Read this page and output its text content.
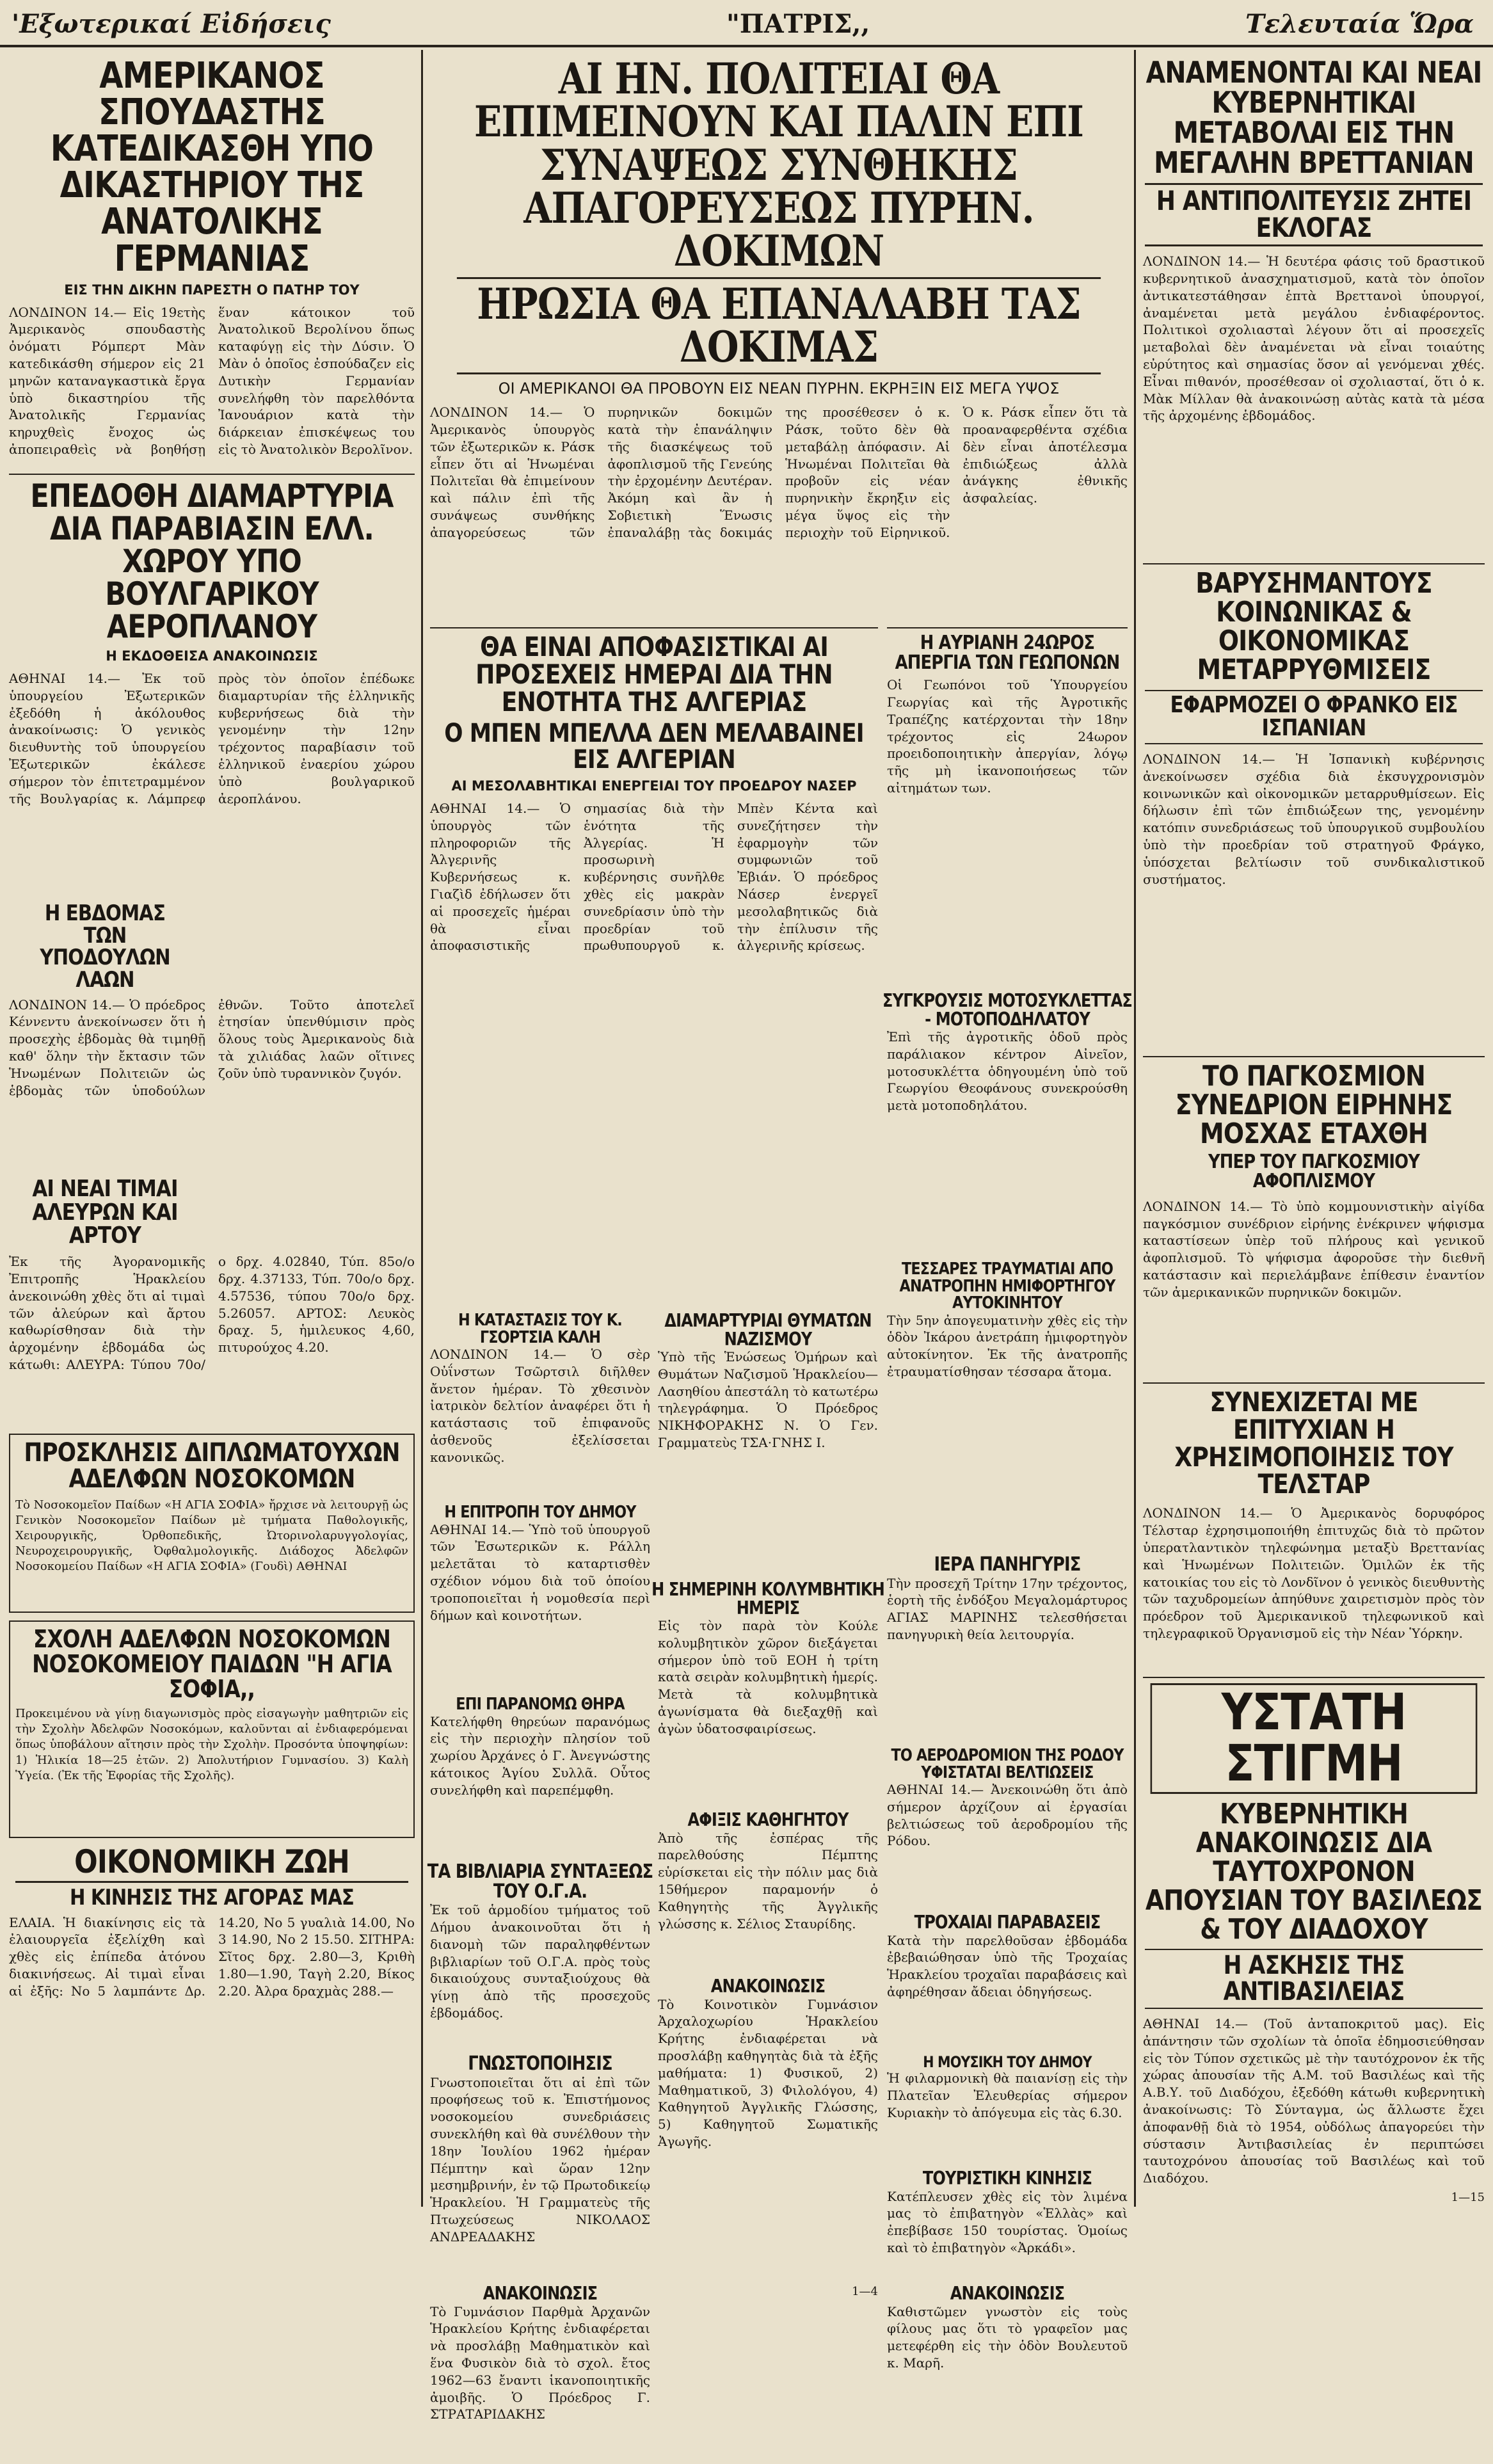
'Εξωτερικαί Εἰδήσεις	"ΠΑΤΡΙΣ,,	Τελευταία Ὥρα
ΑΜΕΡΙΚΑΝΟΣ ΣΠΟΥΔΑΣΤΗΣ ΚΑΤΕΔΙΚΑΣΘΗ ΥΠΟ ΔΙΚΑΣΤΗΡΙΟΥ ΤΗΣ ΑΝΑΤΟΛΙΚΗΣ ΓΕΡΜΑΝΙΑΣ
ΕΙΣ ΤΗΝ ΔΙΚΗΝ ΠΑΡΕΣΤΗ Ο ΠΑΤΗΡ ΤΟΥ
ΛΟΝΔΙΝΟΝ 14.— Εἰς 19ετὴς Ἀμερικανὸς σπουδαστὴς ὀνόματι Ρόμπερτ Μὰν κατεδικάσθη σήμερον εἰς 21 μηνῶν καταναγκαστικὰ ἔργα ὑπὸ δικαστηρίου τῆς Ἀνατολικῆς Γερμανίας κηρυχθεὶς ἔνοχος ὡς ἀποπειραθεὶς νὰ βοηθήσῃ ἕναν κάτοικον τοῦ Ἀνατολικοῦ Βερολίνου ὅπως καταφύγῃ εἰς τὴν Δύσιν. Ὁ Μὰν ὁ ὁποῖος ἐσπούδαζεν εἰς Δυτικὴν Γερμανίαν συνελήφθη τὸν παρελθόντα Ἰανουάριον κατὰ τὴν διάρκειαν ἐπισκέψεως του εἰς τὸ Ἀνατολικὸν Βερολῖνον.
ΕΠΕΔΟΘΗ ΔΙΑΜΑΡΤΥΡΙΑ ΔΙΑ ΠΑΡΑΒΙΑΣΙΝ ΕΛΛ. ΧΩΡΟΥ ΥΠΟ ΒΟΥΛΓΑΡΙΚΟΥ ΑΕΡΟΠΛΑΝΟΥ
Η ΕΚΔΟΘΕΙΣΑ ΑΝΑΚΟΙΝΩΣΙΣ
ΑΘΗΝΑΙ 14.— Ἐκ τοῦ ὑπουργείου Ἐξωτερικῶν ἐξεδόθη ἡ ἀκόλουθος ἀνακοίνωσις: Ὁ γενικὸς διευθυντὴς τοῦ ὑπουργείου Ἐξωτερικῶν ἐκάλεσε σήμερον τὸν ἐπιτετραμμένον τῆς Βουλγαρίας κ. Λάμπρεφ πρὸς τὸν ὁποῖον ἐπέδωκε διαμαρτυρίαν τῆς ἑλληνικῆς κυβερνήσεως διὰ τὴν γενομένην τὴν 12ην τρέχοντος παραβίασιν τοῦ ἑλληνικοῦ ἐναερίου χώρου ὑπὸ βουλγαρικοῦ ἀεροπλάνου.
Η ΕΒΔΟΜΑΣ ΤΩΝ ΥΠΟΔΟΥΛΩΝ ΛΑΩΝ
ΛΟΝΔΙΝΟΝ 14.— Ὁ πρόεδρος Κέννεντυ ἀνεκοίνωσεν ὅτι ἡ προσεχὴς ἑβδομὰς θὰ τιμηθῇ καθ' ὅλην τὴν ἔκτασιν τῶν Ἡνωμένων Πολιτειῶν ὡς ἑβδομὰς τῶν ὑποδούλων ἐθνῶν. Τοῦτο ἀποτελεῖ ἐτησίαν ὑπενθύμισιν πρὸς ὅλους τοὺς Ἀμερικανοὺς διὰ τὰ χιλιάδας λαῶν οἵτινες ζοῦν ὑπὸ τυραννικὸν ζυγόν.
ΑΙ ΝΕΑΙ ΤΙΜΑΙ ΑΛΕΥΡΩΝ ΚΑΙ ΑΡΤΟΥ
Ἐκ τῆς Ἀγορανομικῆς Ἐπιτροπῆς Ἡρακλείου ἀνεκοινώθη χθὲς ὅτι αἱ τιμαὶ τῶν ἀλεύρων καὶ ἄρτου καθωρίσθησαν διὰ τὴν ἀρχομένην ἑβδομάδα ὡς κάτωθι: ΑΛΕΥΡΑ: Τύπου 70ο/ο δρχ. 4.02840, Τύπ. 85ο/ο δρχ. 4.37133, Τύπ. 70ο/ο δρχ. 4.57536, τύπου 70ο/ο δρχ. 5.26057. ΑΡΤΟΣ: Λευκὸς δραχ. 5, ἡμιλευκος 4,60, πιτυρούχος 4.20.
ΠΡΟΣΚΛΗΣΙΣ ΔΙΠΛΩΜΑΤΟΥΧΩΝ ΑΔΕΛΦΩΝ ΝΟΣΟΚΟΜΩΝ
Τὸ Νοσοκομεῖον Παίδων «Η ΑΓΙΑ ΣΟΦΙΑ» ἤρχισε νὰ λειτουργῇ ὡς Γενικὸν Νοσοκομεῖον Παίδων μὲ τμήματα Παθολογικῆς, Χειρουργικῆς, Ὀρθοπεδικῆς, Ὠτορινολαρυγγολογίας, Νευροχειρουργικῆς, Ὀφθαλμολογικῆς. Διάδοχος Ἀδελφῶν Νοσοκομείου Παίδων «Η ΑΓΙΑ ΣΟΦΙΑ» (Γουδὶ) ΑΘΗΝΑΙ
ΣΧΟΛΗ ΑΔΕΛΦΩΝ ΝΟΣΟΚΟΜΩΝ ΝΟΣΟΚΟΜΕΙΟΥ ΠΑΙΔΩΝ "Η ΑΓΙΑ ΣΟΦΙΑ,,
Προκειμένου νὰ γίνῃ διαγωνισμὸς πρὸς εἰσαγωγὴν μαθητριῶν εἰς τὴν Σχολὴν Ἀδελφῶν Νοσοκόμων, καλοῦνται αἱ ἐνδιαφερόμεναι ὅπως ὑποβάλουν αἴτησιν πρὸς τὴν Σχολὴν. Προσόντα ὑποψηφίων: 1) Ἡλικία 18—25 ἐτῶν. 2) Ἀπολυτήριον Γυμνασίου. 3) Καλὴ Ὑγεία. (Ἐκ τῆς Ἐφορίας τῆς Σχολῆς).
ΟΙΚΟΝΟΜΙΚΗ ΖΩΗ
Η ΚΙΝΗΣΙΣ ΤΗΣ ΑΓΟΡΑΣ ΜΑΣ
ΕΛΑΙΑ. Ἡ διακίνησις εἰς τὰ ἐλαιουργεῖα ἐξελίχθη καὶ χθὲς εἰς ἐπίπεδα ἀτόνου διακινήσεως. Αἱ τιμαὶ εἶναι αἱ ἐξῆς: No 5 λαμπάντε Δρ. 14.20, No 5 γυαλιὰ 14.00, No 3 14.90, No 2 15.50. ΣΙΤΗΡΑ: Σῖτος δρχ. 2.80—3, Κριθὴ 1.80—1.90, Ταγὴ 2.20, Βίκος 2.20. Ἀλρα δραχμὰς 288.—
ΑΙ ΗΝ. ΠΟΛΙΤΕΙΑΙ ΘΑ ΕΠΙΜΕΙΝΟΥΝ ΚΑΙ ΠΑΛΙΝ ΕΠΙ ΣΥΝΑΨΕΩΣ ΣΥΝΘΗΚΗΣ ΑΠΑΓΟΡΕΥΣΕΩΣ ΠΥΡΗΝ. ΔΟΚΙΜΩΝ
ΗΡΩΣΙΑ ΘΑ ΕΠΑΝΑΛΑΒΗ ΤΑΣ ΔΟΚΙΜΑΣ
ΟΙ ΑΜΕΡΙΚΑΝΟΙ ΘΑ ΠΡΟΒΟΥΝ ΕΙΣ ΝΕΑΝ ΠΥΡΗΝ. ΕΚΡΗΞΙΝ ΕΙΣ ΜΕΓΑ ΥΨΟΣ
ΛΟΝΔΙΝΟΝ 14.— Ὁ Ἀμερικανὸς ὑπουργὸς τῶν ἐξωτερικῶν κ. Ράσκ εἶπεν ὅτι αἱ Ἡνωμέναι Πολιτεῖαι θὰ ἐπιμείνουν καὶ πάλιν ἐπὶ τῆς συνάψεως συνθήκης ἀπαγορεύσεως τῶν πυρηνικῶν δοκιμῶν κατὰ τὴν ἐπανάληψιν τῆς διασκέψεως τοῦ ἀφοπλισμοῦ τῆς Γενεύης τὴν ἐρχομένην Δευτέραν. Ἀκόμη καὶ ἂν ἡ Σοβιετικὴ Ἕνωσις ἐπαναλάβῃ τὰς δοκιμάς της προσέθεσεν ὁ κ. Ράσκ, τοῦτο δὲν θὰ μεταβάλῃ ἀπόφασιν. Αἱ Ἡνωμέναι Πολιτεῖαι θὰ προβοῦν εἰς νέαν πυρηνικὴν ἔκρηξιν εἰς μέγα ὕψος εἰς τὴν περιοχὴν τοῦ Εἰρηνικοῦ. Ὁ κ. Ράσκ εἶπεν ὅτι τὰ προαναφερθέντα σχέδια δὲν εἶναι ἀποτέλεσμα ἐπιδιώξεως ἀλλὰ ἀνάγκης ἐθνικῆς ἀσφαλείας.
ΘΑ ΕΙΝΑΙ ΑΠΟΦΑΣΙΣΤΙΚΑΙ ΑΙ ΠΡΟΣΕΧΕΙΣ ΗΜΕΡΑΙ ΔΙΑ ΤΗΝ ΕΝΟΤΗΤΑ ΤΗΣ ΑΛΓΕΡΙΑΣ
Ο ΜΠΕΝ ΜΠΕΛΛΑ ΔΕΝ ΜΕΛΑΒΑΙΝΕΙ ΕΙΣ ΑΛΓΕΡΙΑΝ
ΑΙ ΜΕΣΟΛΑΒΗΤΙΚΑΙ ΕΝΕΡΓΕΙΑΙ ΤΟΥ ΠΡΟΕΔΡΟΥ ΝΑΣΕΡ
ΑΘΗΝΑΙ 14.— Ὁ ὑπουργὸς τῶν πληροφοριῶν τῆς Ἀλγερινῆς Κυβερνήσεως κ. Γιαζὶδ ἐδήλωσεν ὅτι αἱ προσεχεῖς ἡμέραι θὰ εἶναι ἀποφασιστικῆς σημασίας διὰ τὴν ἑνότητα τῆς Ἀλγερίας. Ἡ προσωρινὴ κυβέρνησις συνῆλθε χθὲς εἰς μακρὰν συνεδρίασιν ὑπὸ τὴν προεδρίαν τοῦ πρωθυπουργοῦ κ. Μπὲν Κέντα καὶ συνεζήτησεν τὴν ἐφαρμογὴν τῶν συμφωνιῶν τοῦ Ἐβιάν. Ὁ πρόεδρος Νάσερ ἐνεργεῖ μεσολαβητικῶς διὰ τὴν ἐπίλυσιν τῆς ἀλγερινῆς κρίσεως.
Η ΚΑΤΑΣΤΑΣΙΣ ΤΟΥ Κ. ΓΣΟΡΤΣΙΑ ΚΑΛΗ
ΛΟΝΔΙΝΟΝ 14.— Ὁ σὲρ Οὐΐνστων Τσῶρτσιλ διῆλθεν ἄνετον ἡμέραν. Τὸ χθεσινὸν ἰατρικὸν δελτίον ἀναφέρει ὅτι ἡ κατάστασις τοῦ ἐπιφανοῦς ἀσθενοῦς ἐξελίσσεται κανονικῶς.
Η ΕΠΙΤΡΟΠΗ ΤΟΥ ΔΗΜΟΥ
ΑΘΗΝΑΙ 14.— Ὑπὸ τοῦ ὑπουργοῦ τῶν Ἐσωτερικῶν κ. Ράλλη μελετᾶται τὸ καταρτισθὲν σχέδιον νόμου διὰ τοῦ ὁποίου τροποποιεῖται ἡ νομοθεσία περὶ δήμων καὶ κοινοτήτων.
ΕΠΙ ΠΑΡΑΝΟΜΩ ΘΗΡΑ
Κατελήφθη θηρεύων παρανόμως εἰς τὴν περιοχὴν πλησίον τοῦ χωρίου Ἀρχάνες ὁ Γ. Ἀνεγνώστης κάτοικος Ἁγίου Συλλᾶ. Οὗτος συνελήφθη καὶ παρεπέμφθη.
ΤΑ ΒΙΒΛΙΑΡΙΑ ΣΥΝΤΑΞΕΩΣ ΤΟΥ Ο.Γ.Α.
Ἐκ τοῦ ἁρμοδίου τμήματος τοῦ Δήμου ἀνακοινοῦται ὅτι ἡ διανομὴ τῶν παραληφθέντων βιβλιαρίων τοῦ Ο.Γ.Α. πρὸς τοὺς δικαιούχους συνταξιούχους θὰ γίνῃ ἀπὸ τῆς προσεχοῦς ἑβδομάδος.
ΓΝΩΣΤΟΠΟΙΗΣΙΣ
Γνωστοποιεῖται ὅτι αἱ ἐπὶ τῶν προφήσεως τοῦ κ. Ἐπιστήμονος νοσοκομείου συνεδριάσεις συνεκλήθη καὶ θὰ συνέλθουν τὴν 18ην Ἰουλίου 1962 ἡμέραν Πέμπτην καὶ ὥραν 12ην μεσημβρινήν, ἐν τῷ Πρωτοδικείῳ Ἡρακλείου. Ἡ Γραμματεὺς τῆς Πτωχεύσεως ΝΙΚΟΛΑΟΣ ΑΝΔΡΕΑΔΑΚΗΣ
ΑΝΑΚΟΙΝΩΣΙΣ
Τὸ Γυμνάσιον Παρθμὰ Ἀρχανῶν Ἡρακλείου Κρήτης ἐνδιαφέρεται νὰ προσλάβῃ Μαθηματικὸν καὶ ἕνα Φυσικὸν διὰ τὸ σχολ. ἔτος 1962—63 ἔναντι ἱκανοποιητικῆς ἀμοιβῆς. Ὁ Πρόεδρος Γ. ΣΤΡΑΤΑΡΙΔΑΚΗΣ
ΔΙΑΜΑΡΤΥΡΙΑΙ ΘΥΜΑΤΩΝ ΝΑΖΙΣΜΟΥ
Ὑπὸ τῆς Ἑνώσεως Ὁμήρων καὶ Θυμάτων Ναζισμοῦ Ἡρακλείου—Λασηθίου ἀπεστάλη τὸ κατωτέρω τηλεγράφημα. Ὁ Πρόεδρος ΝΙΚΗΦΟΡΑΚΗΣ Ν. Ὁ Γεν. Γραμματεὺς ΤΣΑ·ΓΝΗΣ Ι.
Η ΣΗΜΕΡΙΝΗ ΚΟΛΥΜΒΗΤΙΚΗ ΗΜΕΡΙΣ
Εἰς τὸν παρὰ τὸν Κούλε κολυμβητικὸν χῶρον διεξάγεται σήμερον ὑπὸ τοῦ ΕΟΗ ἡ τρίτη κατὰ σειρὰν κολυμβητικὴ ἡμερίς. Μετὰ τὰ κολυμβητικὰ ἀγωνίσματα θὰ διεξαχθῇ καὶ ἀγὼν ὑδατοσφαιρίσεως.
ΑΦΙΞΙΣ ΚΑΘΗΓΗΤΟΥ
Ἀπὸ τῆς ἐσπέρας τῆς παρελθούσης Πέμπτης εὑρίσκεται εἰς τὴν πόλιν μας διὰ 15θήμερον παραμονήν ὁ Καθηγητὴς τῆς Ἀγγλικῆς γλώσσης κ. Σέλιος Σταυρίδης.
ΑΝΑΚΟΙΝΩΣΙΣ
Τὸ Κοινοτικὸν Γυμνάσιον Ἀρχαλοχωρίου Ἡρακλείου Κρήτης ἐνδιαφέρεται νὰ προσλάβῃ καθηγητὰς διὰ τὰ ἐξῆς μαθήματα: 1) Φυσικοῦ, 2) Μαθηματικοῦ, 3) Φιλολόγου, 4) Καθηγητοῦ Ἀγγλικῆς Γλώσσης, 5) Καθηγητοῦ Σωματικῆς Ἀγωγῆς.
1—4
Η ΑΥΡΙΑΝΗ 24ΩΡΟΣ ΑΠΕΡΓΙΑ ΤΩΝ ΓΕΩΠΟΝΩΝ
Οἱ Γεωπόνοι τοῦ Ὑπουργείου Γεωργίας καὶ τῆς Ἀγροτικῆς Τραπέζης κατέρχονται τὴν 18ην τρέχοντος εἰς 24ωρον προειδοποιητικὴν ἀπεργίαν, λόγῳ τῆς μὴ ἱκανοποιήσεως τῶν αἰτημάτων των.
ΣΥΓΚΡΟΥΣΙΣ ΜΟΤΟΣΥΚΛΕΤΤΑΣ - ΜΟΤΟΠΟΔΗΛΑΤΟΥ
Ἐπὶ τῆς ἀγροτικῆς ὁδοῦ πρὸς παράλιακον κέντρον Αἰνεῖον, μοτοσυκλέττα ὁδηγουμένη ὑπὸ τοῦ Γεωργίου Θεοφάνους συνεκρούσθη μετὰ μοτοποδηλάτου.
ΤΕΣΣΑΡΕΣ ΤΡΑΥΜΑΤΙΑΙ ΑΠΟ ΑΝΑΤΡΟΠΗΝ ΗΜΙΦΟΡΤΗΓΟΥ ΑΥΤΟΚΙΝΗΤΟΥ
Τὴν 5ην ἀπογευματινὴν χθὲς εἰς τὴν ὁδὸν Ἰκάρου ἀνετράπη ἡμιφορτηγὸν αὐτοκίνητον. Ἐκ τῆς ἀνατροπῆς ἐτραυματίσθησαν τέσσαρα ἄτομα.
ΙΕΡΑ ΠΑΝΗΓΥΡΙΣ
Τὴν προσεχῆ Τρίτην 17ην τρέχοντος, ἑορτὴ τῆς ἐνδόξου Μεγαλομάρτυρος ΑΓΙΑΣ ΜΑΡΙΝΗΣ τελεσθήσεται πανηγυρικὴ θεία λειτουργία.
ΤΟ ΑΕΡΟΔΡΟΜΙΟΝ ΤΗΣ ΡΟΔΟΥ ΥΦΙΣΤΑΤΑΙ ΒΕΛΤΙΩΣΕΙΣ
ΑΘΗΝΑΙ 14.— Ἀνεκοινώθη ὅτι ἀπὸ σήμερον ἀρχίζουν αἱ ἐργασίαι βελτιώσεως τοῦ ἀεροδρομίου τῆς Ρόδου.
ΤΡΟΧΑΙΑΙ ΠΑΡΑΒΑΣΕΙΣ
Κατὰ τὴν παρελθοῦσαν ἑβδομάδα ἐβεβαιώθησαν ὑπὸ τῆς Τροχαίας Ἡρακλείου τροχαῖαι παραβάσεις καὶ ἀφηρέθησαν ἄδειαι ὁδηγήσεως.
Η ΜΟΥΣΙΚΗ ΤΟΥ ΔΗΜΟΥ
Ἡ φιλαρμονικὴ θὰ παιανίσῃ εἰς τὴν Πλατεῖαν Ἐλευθερίας σήμερον Κυριακὴν τὸ ἀπόγευμα εἰς τὰς 6.30.
ΤΟΥΡΙΣΤΙΚΗ ΚΙΝΗΣΙΣ
Κατέπλευσεν χθὲς εἰς τὸν λιμένα μας τὸ ἐπιβατηγὸν «Ἑλλὰς» καὶ ἐπεβίβασε 150 τουρίστας. Ὁμοίως καὶ τὸ ἐπιβατηγὸν «Ἀρκάδι».
ΑΝΑΚΟΙΝΩΣΙΣ
Καθιστῶμεν γνωστὸν εἰς τοὺς φίλους μας ὅτι τὸ γραφεῖον μας μετεφέρθη εἰς τὴν ὁδὸν Βουλευτοῦ κ. Μαρῆ.
ΑΝΑΜΕΝΟΝΤΑΙ ΚΑΙ ΝΕΑΙ ΚΥΒΕΡΝΗΤΙΚΑΙ ΜΕΤΑΒΟΛΑΙ ΕΙΣ ΤΗΝ ΜΕΓΑΛΗΝ ΒΡΕΤΤΑΝΙΑΝ
Η ΑΝΤΙΠΟΛΙΤΕΥΣΙΣ ΖΗΤΕΙ ΕΚΛΟΓΑΣ
ΛΟΝΔΙΝΟΝ 14.— Ἡ δευτέρα φάσις τοῦ δραστικοῦ κυβερνητικοῦ ἀνασχηματισμοῦ, κατὰ τὸν ὁποῖον ἀντικατεστάθησαν ἑπτὰ Βρεττανοὶ ὑπουργοί, ἀναμένεται μετὰ μεγάλου ἐνδιαφέροντος. Πολιτικοὶ σχολιασταὶ λέγουν ὅτι αἱ προσεχεῖς μεταβολαὶ δὲν ἀναμένεται νὰ εἶναι τοιαύτης εὐρύτητος καὶ σημασίας ὅσον αἱ γενόμεναι χθές. Εἶναι πιθανόν, προσέθεσαν οἱ σχολιασταί, ὅτι ὁ κ. Μὰκ Μίλλαν θὰ ἀνακοινώσῃ αὐτὰς κατὰ τὰ μέσα τῆς ἀρχομένης ἑβδομάδος.
ΒΑΡΥΣΗΜΑΝΤΟΥΣ ΚΟΙΝΩΝΙΚΑΣ & ΟΙΚΟΝΟΜΙΚΑΣ ΜΕΤΑΡΡΥΘΜΙΣΕΙΣ
ΕΦΑΡΜΟΖΕΙ Ο ΦΡΑΝΚΟ ΕΙΣ ΙΣΠΑΝΙΑΝ
ΛΟΝΔΙΝΟΝ 14.— Ἡ Ἰσπανικὴ κυβέρνησις ἀνεκοίνωσεν σχέδια διὰ ἐκσυγχρονισμὸν κοινωνικῶν καὶ οἰκονομικῶν μεταρρυθμίσεων. Εἰς δήλωσιν ἐπὶ τῶν ἐπιδιώξεων της, γενομένην κατόπιν συνεδριάσεως τοῦ ὑπουργικοῦ συμβουλίου ὑπὸ τὴν προεδρίαν τοῦ στρατηγοῦ Φράγκο, ὑπόσχεται βελτίωσιν τοῦ συνδικαλιστικοῦ συστήματος.
ΤΟ ΠΑΓΚΟΣΜΙΟΝ ΣΥΝΕΔΡΙΟΝ ΕΙΡΗΝΗΣ ΜΟΣΧΑΣ ΕΤΑΧΘΗ
ΥΠΕΡ ΤΟΥ ΠΑΓΚΟΣΜΙΟΥ ΑΦΟΠΛΙΣΜΟΥ
ΛΟΝΔΙΝΟΝ 14.— Τὸ ὑπὸ κομμουνιστικὴν αἰγίδα παγκόσμιον συνέδριον εἰρήνης ἐνέκρινεν ψήφισμα καταστίσεων ὑπὲρ τοῦ πλήρους καὶ γενικοῦ ἀφοπλισμοῦ. Τὸ ψήφισμα ἀφοροῦσε τὴν διεθνῆ κατάστασιν καὶ περιελάμβανε ἐπίθεσιν ἐναντίον τῶν ἀμερικανικῶν πυρηνικῶν δοκιμῶν.
ΣΥΝΕΧΙΖΕΤΑΙ ΜΕ ΕΠΙΤΥΧΙΑΝ Η ΧΡΗΣΙΜΟΠΟΙΗΣΙΣ ΤΟΥ ΤΕΛΣΤΑΡ
ΛΟΝΔΙΝΟΝ 14.— Ὁ Ἀμερικανὸς δορυφόρος Τέλσταρ ἐχρησιμοποιήθη ἐπιτυχῶς διὰ τὸ πρῶτον ὑπερατλαντικὸν τηλεφώνημα μεταξὺ Βρεττανίας καὶ Ἡνωμένων Πολιτειῶν. Ὁμιλῶν ἐκ τῆς κατοικίας του εἰς τὸ Λονδῖνον ὁ γενικὸς διευθυντὴς τῶν ταχυδρομείων ἀπηύθυνε χαιρετισμὸν πρὸς τὸν πρόεδρον τοῦ Ἀμερικανικοῦ τηλεφωνικοῦ καὶ τηλεγραφικοῦ Ὀργανισμοῦ εἰς τὴν Νέαν Ὑόρκην.
ΥΣΤΑΤΗ ΣΤΙΓΜΗ
ΚΥΒΕΡΝΗΤΙΚΗ ΑΝΑΚΟΙΝΩΣΙΣ ΔΙΑ ΤΑΥΤΟΧΡΟΝΟΝ ΑΠΟΥΣΙΑΝ ΤΟΥ ΒΑΣΙΛΕΩΣ & ΤΟΥ ΔΙΑΔΟΧΟΥ
Η ΑΣΚΗΣΙΣ ΤΗΣ ΑΝΤΙΒΑΣΙΛΕΙΑΣ
ΑΘΗΝΑΙ 14.— (Τοῦ ἀνταποκριτοῦ μας). Εἰς ἀπάντησιν τῶν σχολίων τὰ ὁποῖα ἐδημοσιεύθησαν εἰς τὸν Τύπον σχετικῶς μὲ τὴν ταυτόχρονον ἐκ τῆς χώρας ἀπουσίαν τῆς Α.Μ. τοῦ Βασιλέως καὶ τῆς Α.Β.Υ. τοῦ Διαδόχου, ἐξεδόθη κάτωθι κυβερνητικὴ ἀνακοίνωσις: Τὸ Σύνταγμα, ὡς ἄλλωστε ἔχει ἀποφανθῇ διὰ τὸ 1954, οὐδόλως ἀπαγορεύει τὴν σύστασιν Ἀντιβασιλείας ἐν περιπτώσει ταυτοχρόνου ἀπουσίας τοῦ Βασιλέως καὶ τοῦ Διαδόχου.
1—15
